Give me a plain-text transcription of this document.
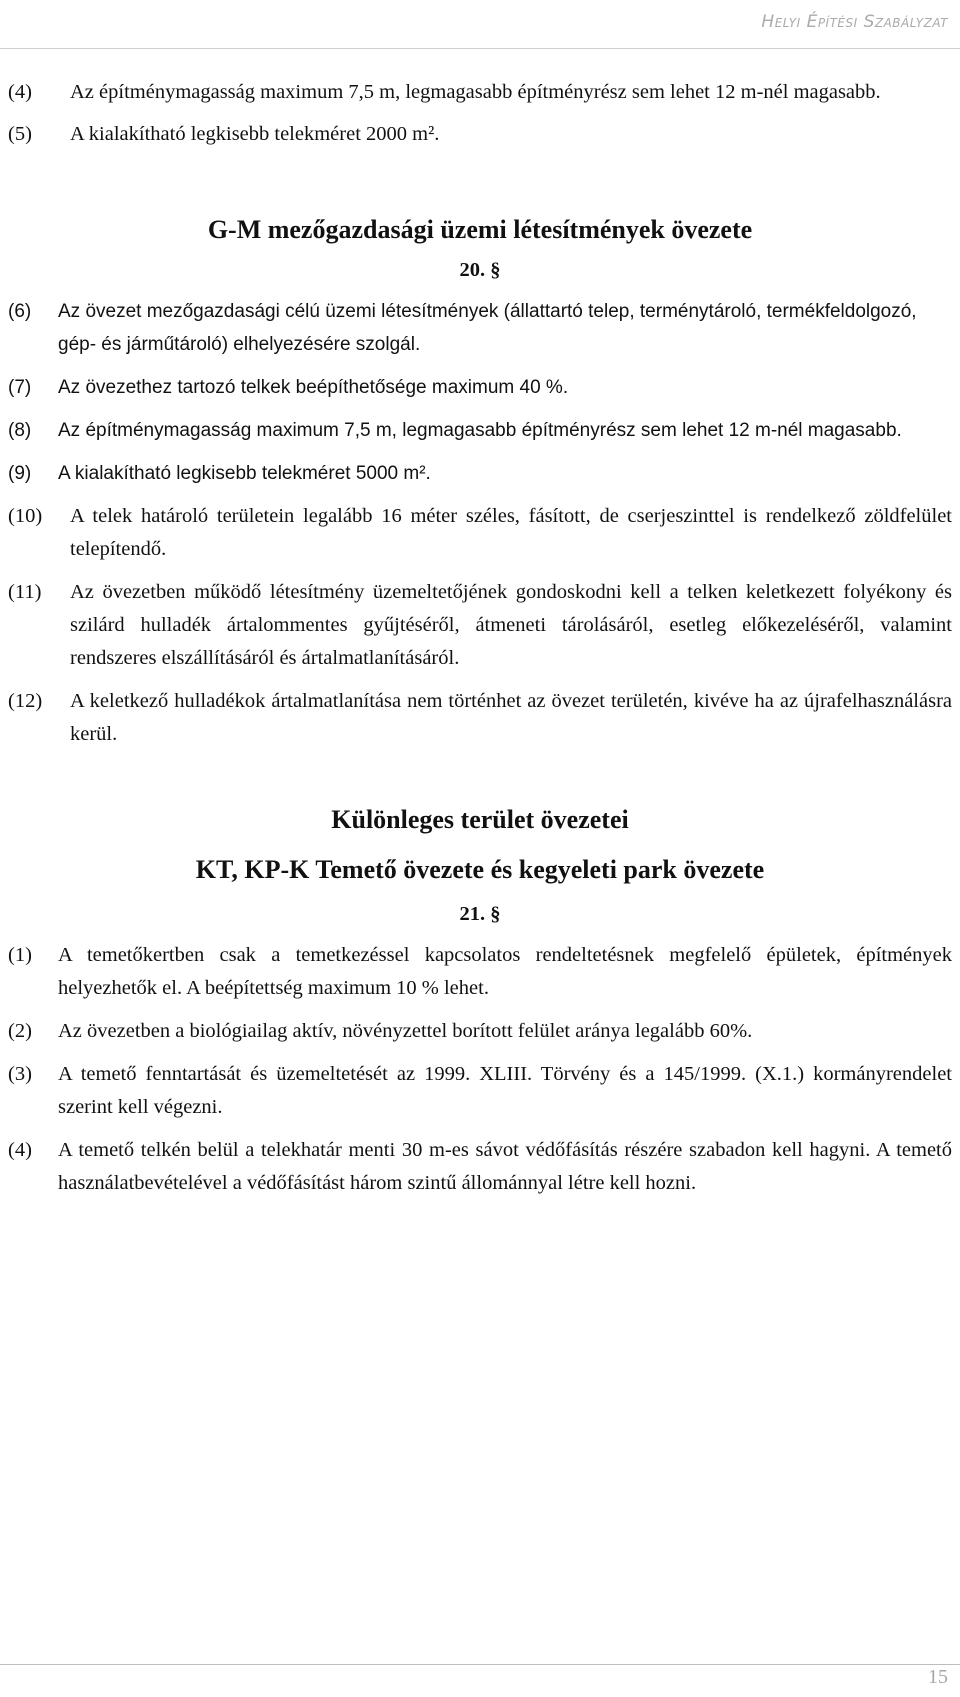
Helyi Építési Szabályzat
(4) Az építménymagasság maximum 7,5 m, legmagasabb építményrész sem lehet 12 m-nél magasabb.
(5) A kialakítható legkisebb telekméret 2000 m².
G-M mezőgazdasági üzemi létesítmények övezete
20. §
(6) Az övezet mezőgazdasági célú üzemi létesítmények (állattartó telep, terménytároló, termékfeldolgozó, gép- és járműtároló) elhelyezésére szolgál.
(7) Az övezethez tartozó telkek beépíthetősége maximum 40 %.
(8) Az építménymagasság maximum 7,5 m, legmagasabb építményrész sem lehet 12 m-nél magasabb.
(9) A kialakítható legkisebb telekméret 5000 m².
(10) A telek határoló területein legalább 16 méter széles, fásított, de cserjeszinttel is rendelkező zöldfelület telepítendő.
(11) Az övezetben működő létesítmény üzemeltetőjének gondoskodni kell a telken keletkezett folyékony és szilárd hulladék ártalommentes gyűjtéséről, átmeneti tárolásáról, esetleg előkezeléséről, valamint rendszeres elszállításáról és ártalmatlanításáról.
(12) A keletkező hulladékok ártalmatlanítása nem történhet az övezet területén, kivéve ha az újrafelhasználásra kerül.
Különleges terület övezetei
KT, KP-K Temető övezete és kegyeleti park övezete
21. §
(1) A temetőkertben csak a temetkezéssel kapcsolatos rendeltetésnek megfelelő épületek, építmények helyezhetők el. A beépítettség maximum 10 % lehet.
(2) Az övezetben a biológiailag aktív, növényzettel borított felület aránya legalább 60%.
(3) A temető fenntartását és üzemeltetését az 1999. XLIII. Törvény és a 145/1999. (X.1.) kormányrendelet szerint kell végezni.
(4) A temető telkén belül a telekhatár menti 30 m-es sávot védőfásítás részére szabadon kell hagyni. A temető használatbevételével a védőfásítást három szintű állománnyal létre kell hozni.
15
